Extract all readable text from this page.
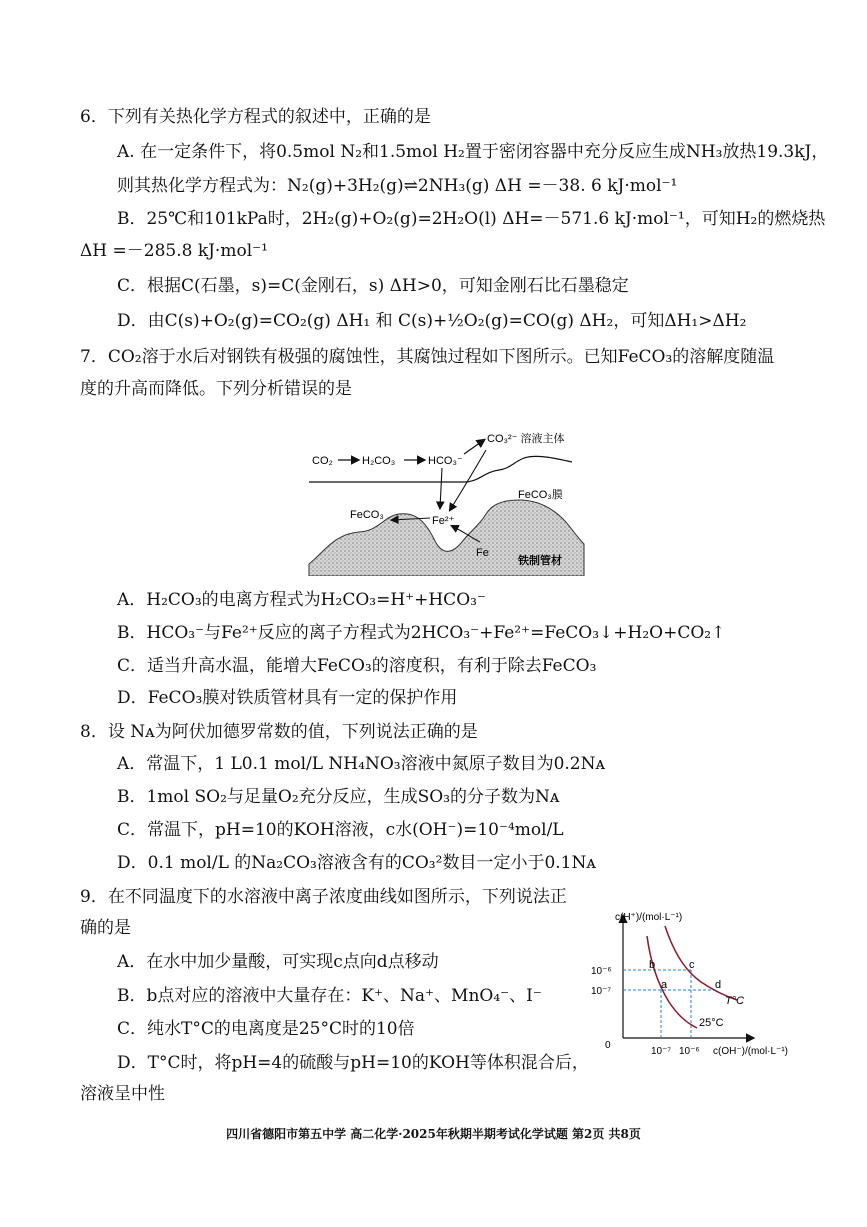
6．下列有关热化学方程式的叙述中，正确的是
A. 在一定条件下，将0.5mol N₂和1.5mol H₂置于密闭容器中充分反应生成NH₃放热19.3kJ，
则其热化学方程式为：N₂(g)+3H₂(g)⇌2NH₃(g) ΔH =－38. 6 kJ·mol⁻¹
B．25℃和101kPa时，2H₂(g)+O₂(g)=2H₂O(l) ΔH=－571.6 kJ·mol⁻¹，可知H₂的燃烧热
ΔH =－285.8 kJ·mol⁻¹
C．根据C(石墨，s)=C(金刚石，s) ΔH>0，可知金刚石比石墨稳定
D．由C(s)+O₂(g)=CO₂(g) ΔH₁ 和 C(s)+½O₂(g)=CO(g) ΔH₂，可知ΔH₁>ΔH₂
7．CO₂溶于水后对钢铁有极强的腐蚀性，其腐蚀过程如下图所示。已知FeCO₃的溶解度随温
度的升高而降低。下列分析错误的是
CO₂	H₂CO₃	HCO₃⁻
CO₃²⁻ 溶液主体
FeCO₃膜
FeCO₃	Fe²⁺
Fe
铁制管材
A．H₂CO₃的电离方程式为H₂CO₃=H⁺+HCO₃⁻
B．HCO₃⁻与Fe²⁺反应的离子方程式为2HCO₃⁻+Fe²⁺=FeCO₃↓+H₂O+CO₂↑
C．适当升高水温，能增大FeCO₃的溶度积，有利于除去FeCO₃
D．FeCO₃膜对铁质管材具有一定的保护作用
8．设 Nᴀ为阿伏加德罗常数的值，下列说法正确的是
A．常温下，1 L0.1 mol/L NH₄NO₃溶液中氮原子数目为0.2Nᴀ
B．1mol SO₂与足量O₂充分反应，生成SO₃的分子数为Nᴀ
C．常温下，pH=10的KOH溶液，c水(OH⁻)=10⁻⁴mol/L
D．0.1 mol/L 的Na₂CO₃溶液含有的CO₃²数目一定小于0.1Nᴀ
9．在不同温度下的水溶液中离子浓度曲线如图所示，下列说法正
确的是
A．在水中加少量酸，可实现c点向d点移动
B．b点对应的溶液中大量存在：K⁺、Na⁺、MnO₄⁻、I⁻
C．纯水T°C的电离度是25°C时的10倍
D．T°C时，将pH=4的硫酸与pH=10的KOH等体积混合后，
溶液呈中性
c(H⁺)/(mol·L⁻¹)
c(OH⁻)/(mol·L⁻¹)
0
10⁻⁶
10⁻⁷
10⁻⁷ 10⁻⁶
b	c
a	d
T°C
25°C
四川省德阳市第五中学 高二化学·2025年秋期半期考试化学试题 第2页 共8页
